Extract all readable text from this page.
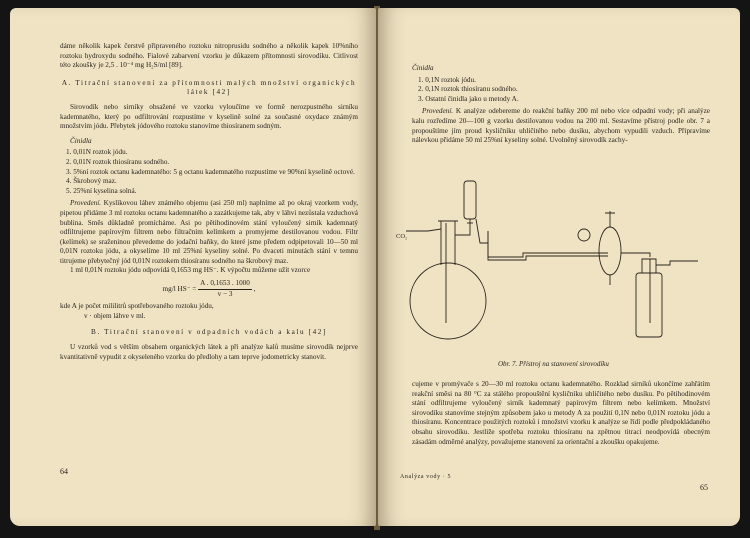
dáme několik kapek čerstvě připraveného roztoku nitroprusidu sodného a několik kapek 10%ního roztoku hydroxydu sodného. Fialové zabarvení vzorku je důkazem přítomnosti sirovodíku. Citlivost této zkoušky je 2,5 . 10⁻⁴ mg H₂S/ml [89].

A. Titrační stanovení za přítomnosti malých množství organických látek [42]

Sirovodík nebo sirníky obsažené ve vzorku vyloučíme ve formě nerozpustného sirníku kademnatého, který po odfiltrování rozpustíme v kyselině solné za současné oxydace známým množstvím jódu. Přebytek jódového roztoku stanovíme thiosíranem sodným.

Činidla

1. 0,01N roztok jódu.
2. 0,01N roztok thiosíranu sodného.
3. 5%ní roztok octanu kademnatého: 5 g octanu kademnatého rozpustíme ve 90%ní kyselině octové.
4. Škrobový maz.
5. 25%ní kyselina solná.

Provedení. Kyslíkovou láhev známého objemu (asi 250 ml) naplníme až po okraj vzorkem vody, pipetou přidáme 3 ml roztoku octanu kademnatého a zazátkujeme tak, aby v láhvi nezůstala vzduchová bublina. Směs důkladně promícháme. Asi po pětihodinovém stání vyloučený sirník kademnatý odfiltrujeme papírovým filtrem nebo filtračním kelímkem a promyjeme destilovanou vodou. Filtr (kelímek) se sraženinou převedeme do jodační baňky, do které jsme předem odpipetovali 10—50 ml 0,01N roztoku jódu, a okyselíme 10 ml 25%ní kyseliny solné. Po dvaceti minutách stání v temnu titrujeme přebytečný jód 0,01N roztokem thiosíranu sodného na škrobový maz.

1 ml 0,01N roztoku jódu odpovídá 0,1653 mg HS⁻. K výpočtu můžeme užít vzorce

mg/l $HS^- = \frac{A . 0,1653 . 1000}{v - 3}$ ,
kde A je počet mililitrů spotřebovaného roztoku jódu,
v · objem láhve v ml.
B. Titrační stanovení v odpadních vodách a kalu [42]

U vzorků vod s větším obsahem organických látek a při analýze kalů musíme sirovodík nejprve kvantitativně vypudit z okyseleného vzorku do předlohy a tam teprve jodometricky stanovit.

64

Činidla

1. 0,1N roztok jódu.
2. 0,1N roztok thiosíranu sodného.
3. Ostatní činidla jako u metody A.

Provedení. K analýze odebereme do reakční baňky 200 ml nebo více odpadní vody; při analýze kalu rozředíme 20—100 g vzorku destilovanou vodou na 200 ml. Sestavíme přístroj podle obr. 7 a propouštíme jím proud kysličníku uhličitého nebo dusíku, abychom vypudili vzduch. Připravíme nálevkou přidáme 50 ml 25%ní kyseliny solné. Uvolněný sirovodík zachy-

CO₂
Obr. 7. Přístroj na stanovení sirovodíku

cujeme v promývače s 20—30 ml roztoku octanu kademnatého. Rozklad sirníků ukončíme zahřátím reakční směsi na 80 °C za stálého propouštění kysličníku uhličitého nebo dusíku. Po pětihodinovém stání odfiltrujeme vyloučený sirník kademnatý papírovým filtrem nebo kelímkem. Množství sirovodíku stanovíme stejným způsobem jako u metody A za použití 0,1N nebo 0,01N roztoku jódu a thiosíranu. Koncentrace použitých roztoků i množství vzorku k analýze se řídí podle předpokládaného obsahu sirovodíku. Jestliže spotřeba roztoku thiosíranu na zpětnou titraci neodpovídá obecným zásadám odměrné analýzy, považujeme stanovení za orientační a zkoušku opakujeme.

Analýza vody · 5
65
